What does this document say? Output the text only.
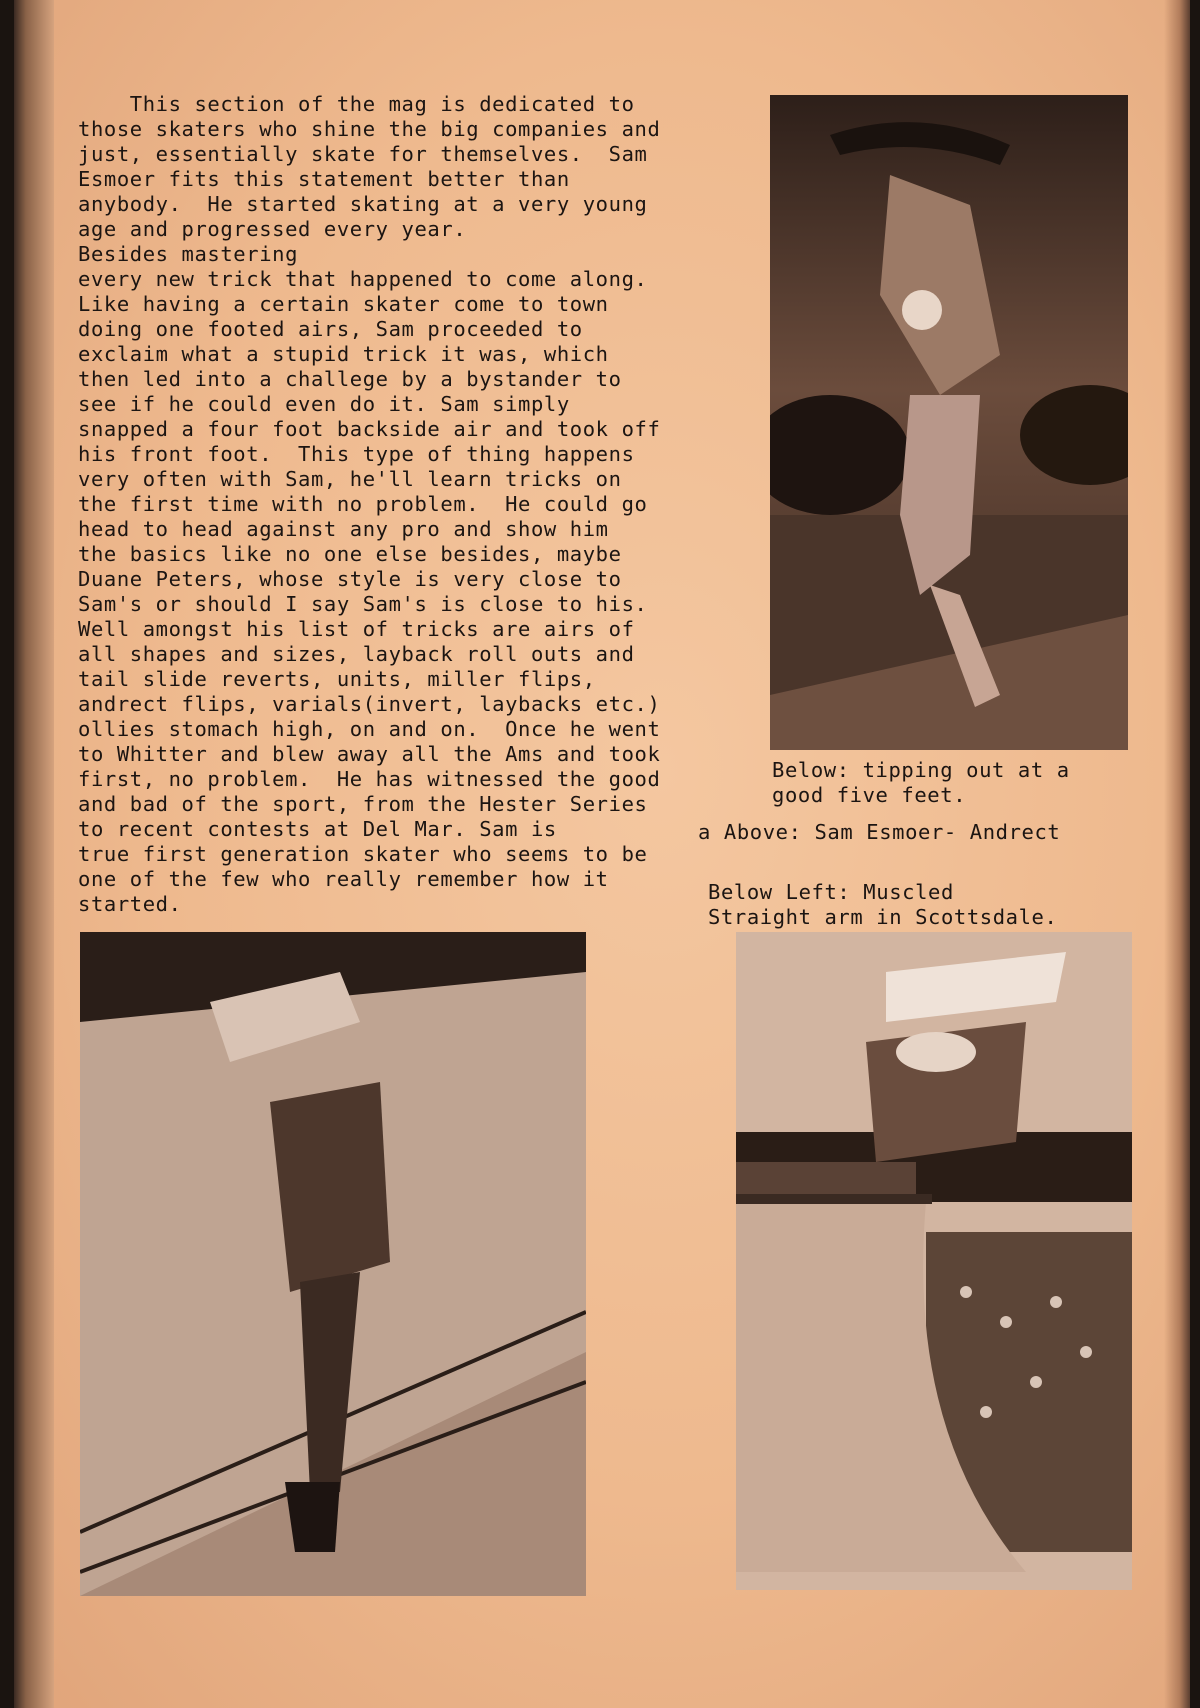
This section of the mag is dedicated to
those skaters who shine the big companies and
just, essentially skate for themselves.  Sam
Esmoer fits this statement better than
anybody.  He started skating at a very young
age and progressed every year.
Besides mastering
every new trick that happened to come along.
Like having a certain skater come to town
doing one footed airs, Sam proceeded to
exclaim what a stupid trick it was, which
then led into a challege by a bystander to
see if he could even do it. Sam simply
snapped a four foot backside air and took off
his front foot.  This type of thing happens
very often with Sam, he'll learn tricks on
the first time with no problem.  He could go
head to head against any pro and show him
the basics like no one else besides, maybe
Duane Peters, whose style is very close to
Sam's or should I say Sam's is close to his.
Well amongst his list of tricks are airs of
all shapes and sizes, layback roll outs and
tail slide reverts, units, miller flips,
andrect flips, varials(invert, laybacks etc.)
ollies stomach high, on and on.  Once he went
to Whitter and blew away all the Ams and took
first, no problem.  He has witnessed the good
and bad of the sport, from the Hester Series
to recent contests at Del Mar. Sam is
true first generation skater who seems to be
one of the few who really remember how it
started.

Below: tipping out at a
good five feet.
a Above: Sam Esmoer- Andrect
Below Left: Muscled
Straight arm in Scottsdale.
